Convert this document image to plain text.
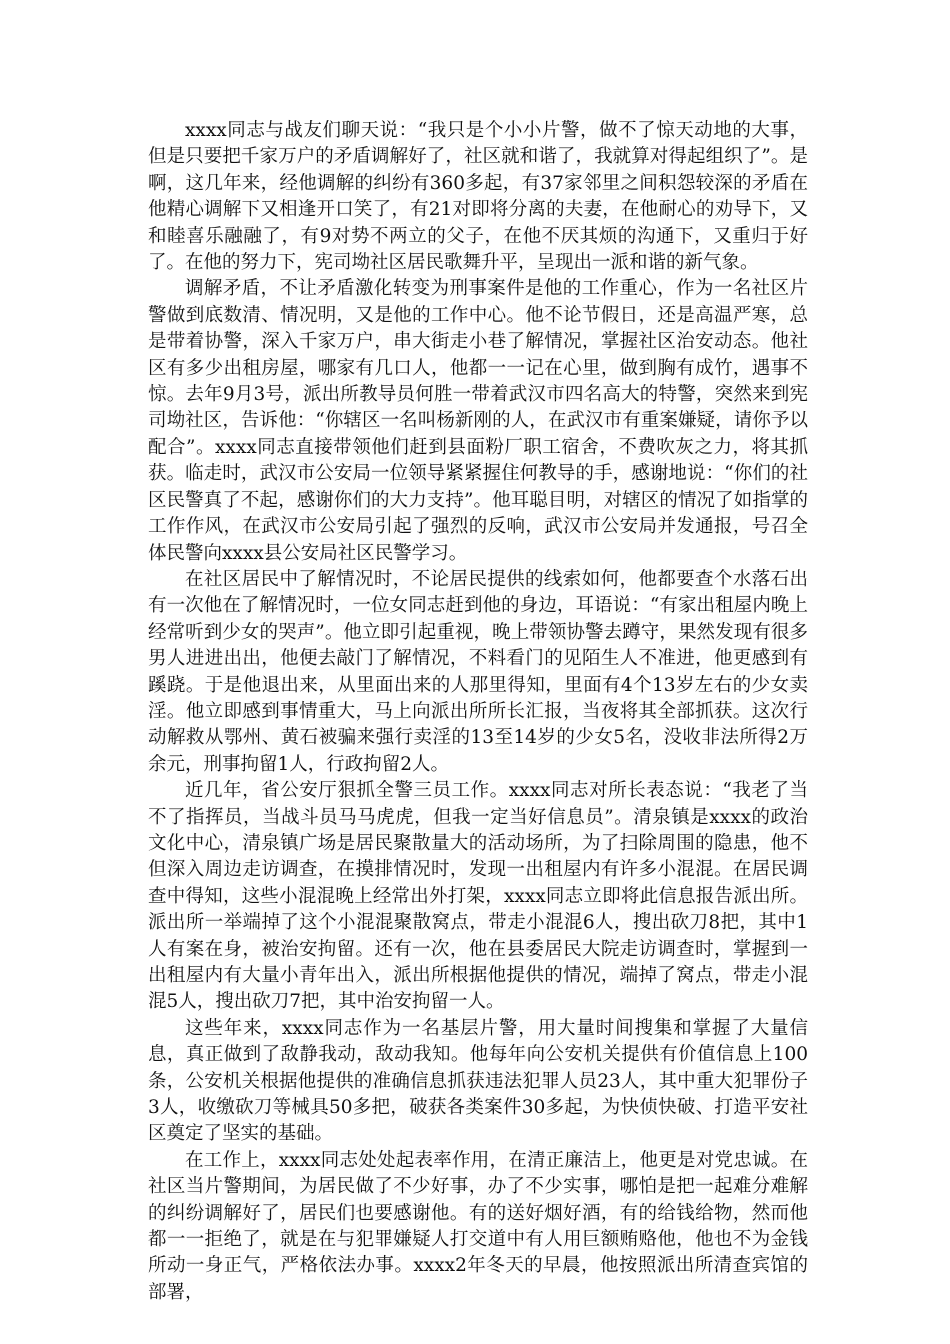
xxxx同志与战友们聊天说：“我只是个小小片警，做不了惊天动地的大事，但是只要把千家万户的矛盾调解好了，社区就和谐了，我就算对得起组织了”。是啊，这几年来，经他调解的纠纷有360多起，有37家邻里之间积怨较深的矛盾在他精心调解下又相逢开口笑了，有21对即将分离的夫妻，在他耐心的劝导下，又和睦喜乐融融了，有9对势不两立的父子，在他不厌其烦的沟通下，又重归于好了。在他的努力下，宪司坳社区居民歌舞升平，呈现出一派和谐的新气象。

调解矛盾，不让矛盾激化转变为刑事案件是他的工作重心，作为一名社区片警做到底数清、情况明，又是他的工作中心。他不论节假日，还是高温严寒，总是带着协警，深入千家万户，串大街走小巷了解情况，掌握社区治安动态。他社区有多少出租房屋，哪家有几口人，他都一一记在心里，做到胸有成竹，遇事不惊。去年9月3号，派出所教导员何胜一带着武汉市四名高大的特警，突然来到宪司坳社区，告诉他：“你辖区一名叫杨新刚的人，在武汉市有重案嫌疑，请你予以配合”。xxxx同志直接带领他们赶到县面粉厂职工宿舍，不费吹灰之力，将其抓获。临走时，武汉市公安局一位领导紧紧握住何教导的手，感谢地说：“你们的社区民警真了不起，感谢你们的大力支持”。他耳聪目明，对辖区的情况了如指掌的工作作风，在武汉市公安局引起了强烈的反响，武汉市公安局并发通报，号召全体民警向xxxx县公安局社区民警学习。

在社区居民中了解情况时，不论居民提供的线索如何，他都要查个水落石出有一次他在了解情况时，一位女同志赶到他的身边，耳语说：“有家出租屋内晚上经常听到少女的哭声”。他立即引起重视，晚上带领协警去蹲守，果然发现有很多男人进进出出，他便去敲门了解情况，不料看门的见陌生人不准进，他更感到有蹊跷。于是他退出来，从里面出来的人那里得知，里面有4个13岁左右的少女卖淫。他立即感到事情重大，马上向派出所所长汇报，当夜将其全部抓获。这次行动解救从鄂州、黄石被骗来强行卖淫的13至14岁的少女5名，没收非法所得2万余元，刑事拘留1人，行政拘留2人。

近几年，省公安厅狠抓全警三员工作。xxxx同志对所长表态说：“我老了当不了指挥员，当战斗员马马虎虎，但我一定当好信息员”。清泉镇是xxxx的政治文化中心，清泉镇广场是居民聚散量大的活动场所，为了扫除周围的隐患，他不但深入周边走访调查，在摸排情况时，发现一出租屋内有许多小混混。在居民调查中得知，这些小混混晚上经常出外打架，xxxx同志立即将此信息报告派出所。派出所一举端掉了这个小混混聚散窝点，带走小混混6人，搜出砍刀8把，其中1人有案在身，被治安拘留。还有一次，他在县委居民大院走访调查时，掌握到一出租屋内有大量小青年出入，派出所根据他提供的情况，端掉了窝点，带走小混混5人，搜出砍刀7把，其中治安拘留一人。

这些年来，xxxx同志作为一名基层片警，用大量时间搜集和掌握了大量信息，真正做到了敌静我动，敌动我知。他每年向公安机关提供有价值信息上100条，公安机关根据他提供的准确信息抓获违法犯罪人员23人，其中重大犯罪份子3人，收缴砍刀等械具50多把，破获各类案件30多起，为快侦快破、打造平安社区奠定了坚实的基础。

在工作上，xxxx同志处处起表率作用，在清正廉洁上，他更是对党忠诚。在社区当片警期间，为居民做了不少好事，办了不少实事，哪怕是把一起难分难解的纠纷调解好了，居民们也要感谢他。有的送好烟好酒，有的给钱给物，然而他都一一拒绝了，就是在与犯罪嫌疑人打交道中有人用巨额贿赂他，他也不为金钱所动一身正气，严格依法办事。xxxx2年冬天的早晨，他按照派出所清查宾馆的部署，
